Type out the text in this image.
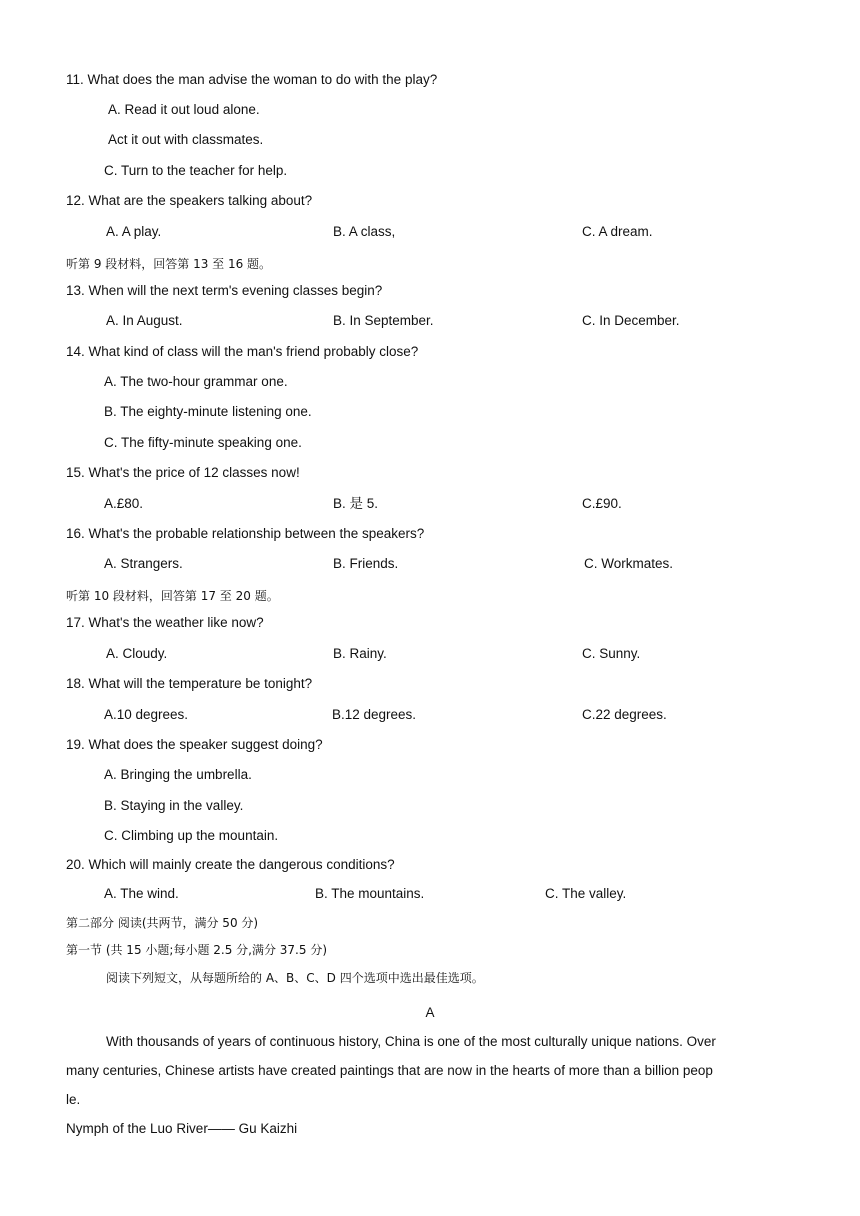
11. What does the man advise the woman to do with the play?
A. Read it out loud alone.
Act it out with classmates.
C. Turn to the teacher for help.
12. What are the speakers talking about?
A. A play.	B. A class,	C. A dream.
听第 9 段材料，回答第 13 至 16 题。
13. When will the next term's evening classes begin?
A. In August.	B. In September.	C. In December.
14. What kind of class will the man's friend probably close?
A. The two-hour grammar one.
B. The eighty-minute listening one.
C. The fifty-minute speaking one.
15. What's the price of 12 classes now!
A.£80.	B. 是 5.	C.£90.
16. What's the probable relationship between the speakers?
A. Strangers.	B. Friends.	C. Workmates.
听第 10 段材料，回答第 17 至 20 题。
17. What's the weather like now?
A. Cloudy.	B. Rainy.	C. Sunny.
18. What will the temperature be tonight?
A.10 degrees.	B.12 degrees.	C.22 degrees.
19. What does the speaker suggest doing?
A. Bringing the umbrella.
B. Staying in the valley.
C. Climbing up the mountain.
20. Which will mainly create the dangerous conditions?
A. The wind.	B. The mountains.	C. The valley.
第二部分 阅读(共两节，满分 50 分)
第一节 (共 15 小题;每小题 2.5 分,满分 37.5 分)
阅读下列短文，从每题所给的 A、B、C、D 四个选项中选出最佳选项。
A
With thousands of years of continuous history, China is one of the most culturally unique nations. Over
many centuries, Chinese artists have created paintings that are now in the hearts of more than a billion peop
le.
Nymph of the Luo River—— Gu Kaizhi
